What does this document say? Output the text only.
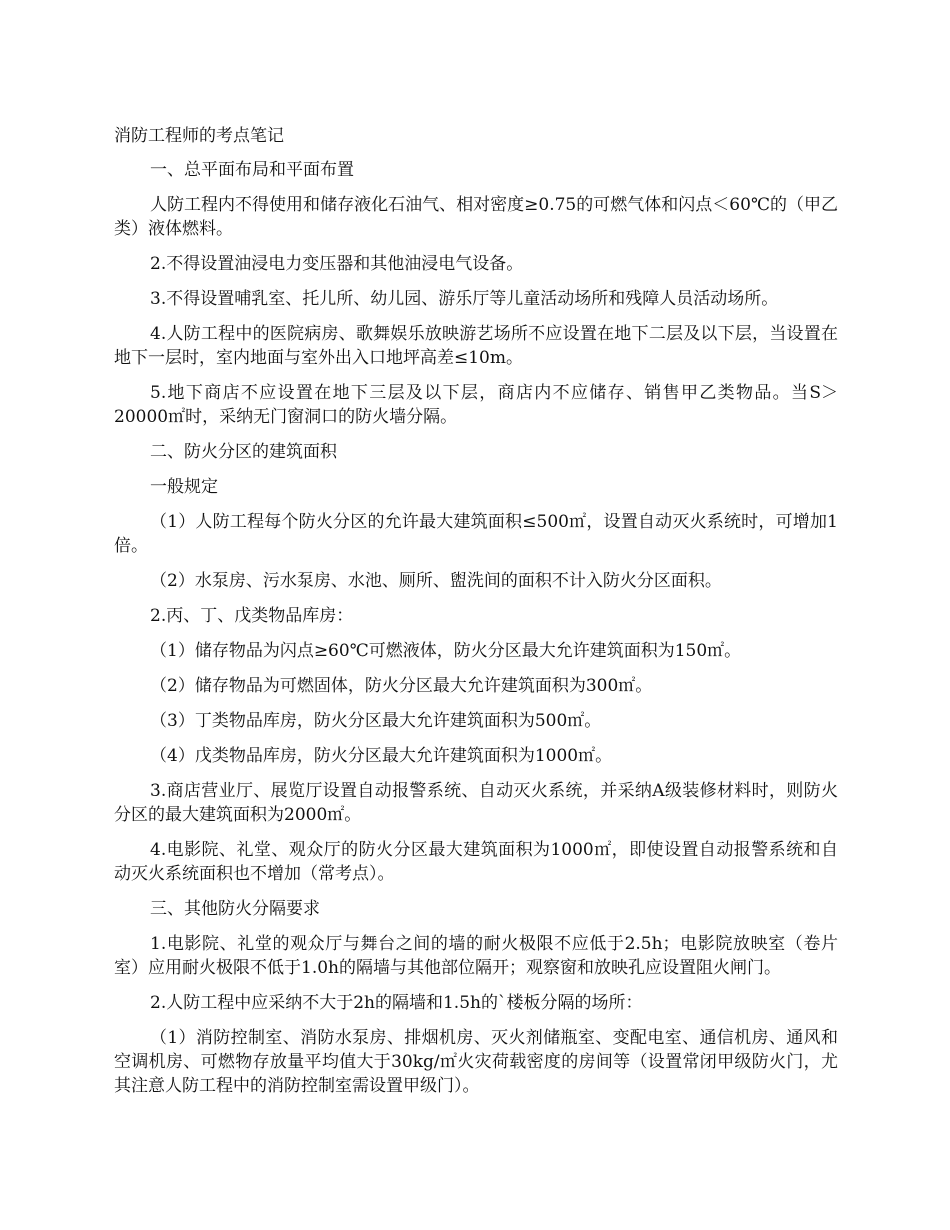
消防工程师的考点笔记
一、总平面布局和平面布置
人防工程内不得使用和储存液化石油气、相对密度≥0.75的可燃气体和闪点＜60℃的（甲乙类）液体燃料。
2.不得设置油浸电力变压器和其他油浸电气设备。
3.不得设置哺乳室、托儿所、幼儿园、游乐厅等儿童活动场所和残障人员活动场所。
4.人防工程中的医院病房、歌舞娱乐放映游艺场所不应设置在地下二层及以下层，当设置在地下一层时，室内地面与室外出入口地坪高差≤10m。
5.地下商店不应设置在地下三层及以下层，商店内不应储存、销售甲乙类物品。当S＞20000㎡时，采纳无门窗洞口的防火墙分隔。
二、防火分区的建筑面积
一般规定
（1）人防工程每个防火分区的允许最大建筑面积≤500㎡，设置自动灭火系统时，可增加1倍。
（2）水泵房、污水泵房、水池、厕所、盥洗间的面积不计入防火分区面积。
2.丙、丁、戊类物品库房：
（1）储存物品为闪点≥60℃可燃液体，防火分区最大允许建筑面积为150㎡。
（2）储存物品为可燃固体，防火分区最大允许建筑面积为300㎡。
（3）丁类物品库房，防火分区最大允许建筑面积为500㎡。
（4）戊类物品库房，防火分区最大允许建筑面积为1000㎡。
3.商店营业厅、展览厅设置自动报警系统、自动灭火系统，并采纳A级装修材料时，则防火分区的最大建筑面积为2000㎡。
4.电影院、礼堂、观众厅的防火分区最大建筑面积为1000㎡，即使设置自动报警系统和自动灭火系统面积也不增加（常考点）。
三、其他防火分隔要求
1.电影院、礼堂的观众厅与舞台之间的墙的耐火极限不应低于2.5h；电影院放映室（卷片室）应用耐火极限不低于1.0h的隔墙与其他部位隔开；观察窗和放映孔应设置阻火闸门。
2.人防工程中应采纳不大于2h的隔墙和1.5h的`楼板分隔的场所：
（1）消防控制室、消防水泵房、排烟机房、灭火剂储瓶室、变配电室、通信机房、通风和空调机房、可燃物存放量平均值大于30kg/㎡火灾荷载密度的房间等（设置常闭甲级防火门，尤其注意人防工程中的消防控制室需设置甲级门）。
